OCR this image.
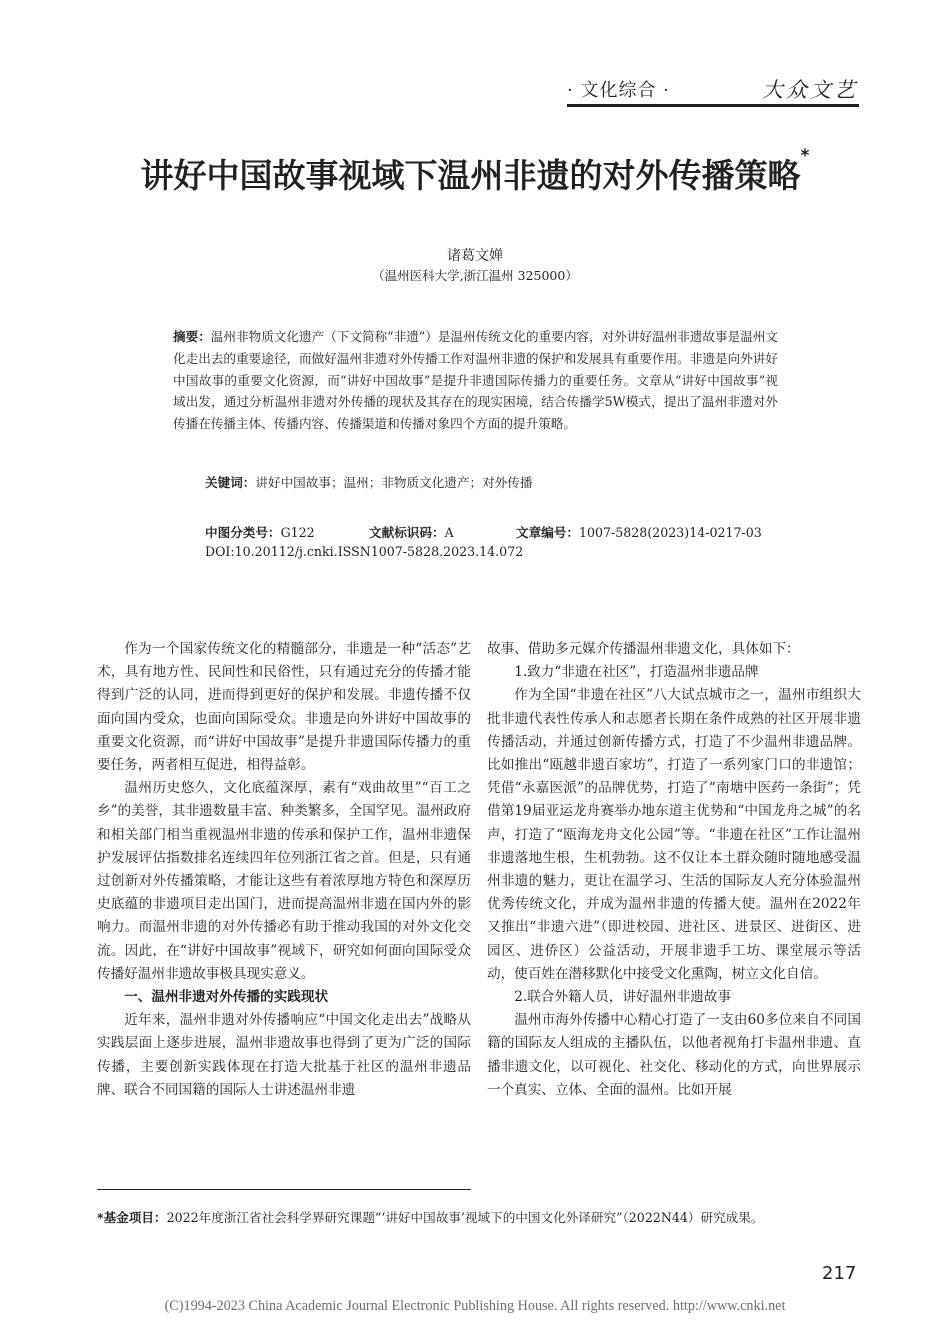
· 文化综合 ·	大众文艺
讲好中国故事视域下温州非遗的对外传播策略*
诸葛文婵
（温州医科大学,浙江温州 325000）
摘要：温州非物质文化遗产（下文简称“非遗”）是温州传统文化的重要内容，对外讲好温州非遗故事是温州文化走出去的重要途径，而做好温州非遗对外传播工作对温州非遗的保护和发展具有重要作用。非遗是向外讲好中国故事的重要文化资源，而“讲好中国故事”是提升非遗国际传播力的重要任务。文章从“讲好中国故事”视域出发，通过分析温州非遗对外传播的现状及其存在的现实困境，结合传播学5W模式，提出了温州非遗对外传播在传播主体、传播内容、传播渠道和传播对象四个方面的提升策略。
关键词：讲好中国故事；温州；非物质文化遗产；对外传播
中图分类号：G122	文献标识码：A	文章编号：1007-5828(2023)14-0217-03
DOI:10.20112/j.cnki.ISSN1007-5828.2023.14.072

作为一个国家传统文化的精髓部分，非遗是一种“活态”艺术，具有地方性、民间性和民俗性，只有通过充分的传播才能得到广泛的认同，进而得到更好的保护和发展。非遗传播不仅面向国内受众，也面向国际受众。非遗是向外讲好中国故事的重要文化资源，而“讲好中国故事”是提升非遗国际传播力的重要任务，两者相互促进，相得益彰。

温州历史悠久，文化底蕴深厚，素有“戏曲故里”“百工之乡”的美誉，其非遗数量丰富、种类繁多，全国罕见。温州政府和相关部门相当重视温州非遗的传承和保护工作，温州非遗保护发展评估指数排名连续四年位列浙江省之首。但是，只有通过创新对外传播策略，才能让这些有着浓厚地方特色和深厚历史底蕴的非遗项目走出国门，进而提高温州非遗在国内外的影响力。而温州非遗的对外传播必有助于推动我国的对外文化交流。因此，在“讲好中国故事”视域下，研究如何面向国际受众传播好温州非遗故事极具现实意义。

一、温州非遗对外传播的实践现状

近年来，温州非遗对外传播响应“中国文化走出去”战略从实践层面上逐步进展，温州非遗故事也得到了更为广泛的国际传播，主要创新实践体现在打造大批基于社区的温州非遗品牌、联合不同国籍的国际人士讲述温州非遗

故事、借助多元媒介传播温州非遗文化，具体如下：

1.致力“非遗在社区”，打造温州非遗品牌

作为全国“非遗在社区”八大试点城市之一，温州市组织大批非遗代表性传承人和志愿者长期在条件成熟的社区开展非遗传播活动，并通过创新传播方式，打造了不少温州非遗品牌。比如推出“瓯越非遗百家坊”，打造了一系列家门口的非遗馆；凭借“永嘉医派”的品牌优势，打造了“南塘中医药一条街”；凭借第19届亚运龙舟赛举办地东道主优势和“中国龙舟之城”的名声，打造了“瓯海龙舟文化公园”等。“非遗在社区”工作让温州非遗落地生根，生机勃勃。这不仅让本土群众随时随地感受温州非遗的魅力，更让在温学习、生活的国际友人充分体验温州优秀传统文化，并成为温州非遗的传播大使。温州在2022年又推出“非遗六进”（即进校园、进社区、进景区、进街区、进园区、进侨区）公益活动，开展非遗手工坊、课堂展示等活动，使百姓在潜移默化中接受文化熏陶，树立文化自信。

2.联合外籍人员，讲好温州非遗故事

温州市海外传播中心精心打造了一支由60多位来自不同国籍的国际友人组成的主播队伍，以他者视角打卡温州非遗、直播非遗文化，以可视化、社交化、移动化的方式，向世界展示一个真实、立体、全面的温州。比如开展

*基金项目：2022年度浙江省社会科学界研究课题“‘讲好中国故事’视域下的中国文化外译研究”（2022N44）研究成果。
217
(C)1994-2023 China Academic Journal Electronic Publishing House. All rights reserved. http://www.cnki.net
